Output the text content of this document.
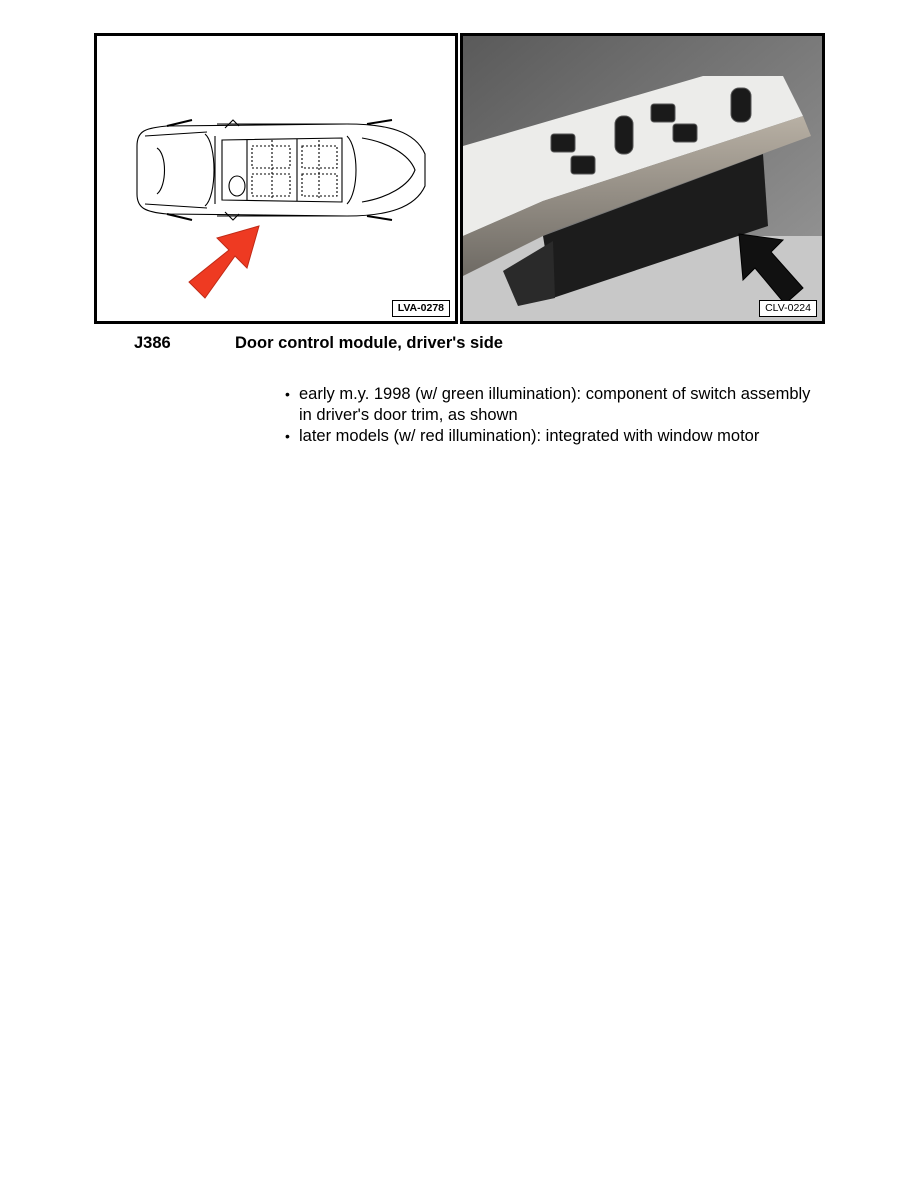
LVA-0278	CLV-0224
J386	Door control module, driver's side
• early m.y. 1998 (w/ green illumination): component of switch assembly in driver's door trim, as shown
• later models (w/ red illumination): integrated with window motor
